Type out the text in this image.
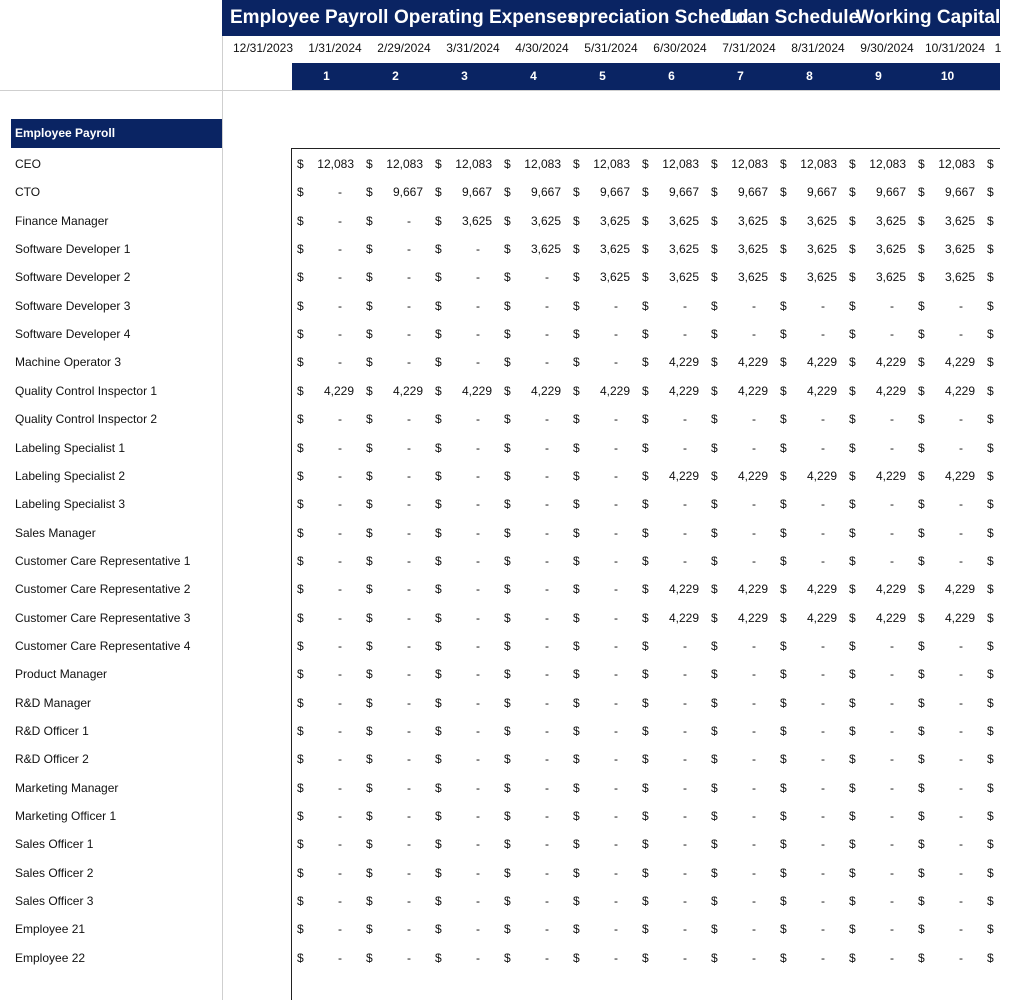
Employee Payroll Operating Expenses
epreciation Schedul
Loan Schedule
Working Capital
12/31/2023	1/31/2024	2/29/2024	3/31/2024	4/30/2024	5/31/2024	6/30/2024	7/31/2024	8/31/2024	9/30/2024 10/31/2024 1
1	2	3	4	5	6	7	8	9	10
Employee Payroll
CEO	$	12,083 $	12,083 $	12,083 $	12,083 $	12,083 $	12,083 $	12,083 $	12,083 $	12,083 $	12,083 $
CTO	$	-	$	9,667 $	9,667 $	9,667 $	9,667 $	9,667 $	9,667 $	9,667 $	9,667 $	9,667 $
Finance Manager	$	-	$	-	$	3,625 $	3,625 $	3,625 $	3,625 $	3,625 $	3,625 $	3,625 $	3,625 $
Software Developer 1	$	-	$	-	$	-	$	3,625 $	3,625 $	3,625 $	3,625 $	3,625 $	3,625 $	3,625 $
Software Developer 2	$	-	$	-	$	-	$	-	$	3,625 $	3,625 $	3,625 $	3,625 $	3,625 $	3,625 $
Software Developer 3	$	-	$	-	$	-	$	-	$	-	$	-	$	-	$	-	$	-	$	-	$
Software Developer 4	$	-	$	-	$	-	$	-	$	-	$	-	$	-	$	-	$	-	$	-	$
Machine Operator 3	$	-	$	-	$	-	$	-	$	-	$	4,229 $	4,229 $	4,229 $	4,229 $	4,229 $
Quality Control Inspector 1	$	4,229 $	4,229 $	4,229 $	4,229 $	4,229 $	4,229 $	4,229 $	4,229 $	4,229 $	4,229 $
Quality Control Inspector 2	$	-	$	-	$	-	$	-	$	-	$	-	$	-	$	-	$	-	$	-	$
Labeling Specialist 1	$	-	$	-	$	-	$	-	$	-	$	-	$	-	$	-	$	-	$	-	$
Labeling Specialist 2	$	-	$	-	$	-	$	-	$	-	$	4,229 $	4,229 $	4,229 $	4,229 $	4,229 $
Labeling Specialist 3	$	-	$	-	$	-	$	-	$	-	$	-	$	-	$	-	$	-	$	-	$
Sales Manager	$	-	$	-	$	-	$	-	$	-	$	-	$	-	$	-	$	-	$	-	$
Customer Care Representative 1	$	-	$	-	$	-	$	-	$	-	$	-	$	-	$	-	$	-	$	-	$
Customer Care Representative 2	$	-	$	-	$	-	$	-	$	-	$	4,229 $	4,229 $	4,229 $	4,229 $	4,229 $
Customer Care Representative 3	$	-	$	-	$	-	$	-	$	-	$	4,229 $	4,229 $	4,229 $	4,229 $	4,229 $
Customer Care Representative 4	$	-	$	-	$	-	$	-	$	-	$	-	$	-	$	-	$	-	$	-	$
Product Manager	$	-	$	-	$	-	$	-	$	-	$	-	$	-	$	-	$	-	$	-	$
R&D Manager	$	-	$	-	$	-	$	-	$	-	$	-	$	-	$	-	$	-	$	-	$
R&D Officer 1	$	-	$	-	$	-	$	-	$	-	$	-	$	-	$	-	$	-	$	-	$
R&D Officer 2	$	-	$	-	$	-	$	-	$	-	$	-	$	-	$	-	$	-	$	-	$
Marketing Manager	$	-	$	-	$	-	$	-	$	-	$	-	$	-	$	-	$	-	$	-	$
Marketing Officer 1	$	-	$	-	$	-	$	-	$	-	$	-	$	-	$	-	$	-	$	-	$
Sales Officer 1	$	-	$	-	$	-	$	-	$	-	$	-	$	-	$	-	$	-	$	-	$
Sales Officer 2	$	-	$	-	$	-	$	-	$	-	$	-	$	-	$	-	$	-	$	-	$
Sales Officer 3	$	-	$	-	$	-	$	-	$	-	$	-	$	-	$	-	$	-	$	-	$
Employee 21	$	-	$	-	$	-	$	-	$	-	$	-	$	-	$	-	$	-	$	-	$
Employee 22	$	-	$	-	$	-	$	-	$	-	$	-	$	-	$	-	$	-	$	-	$
